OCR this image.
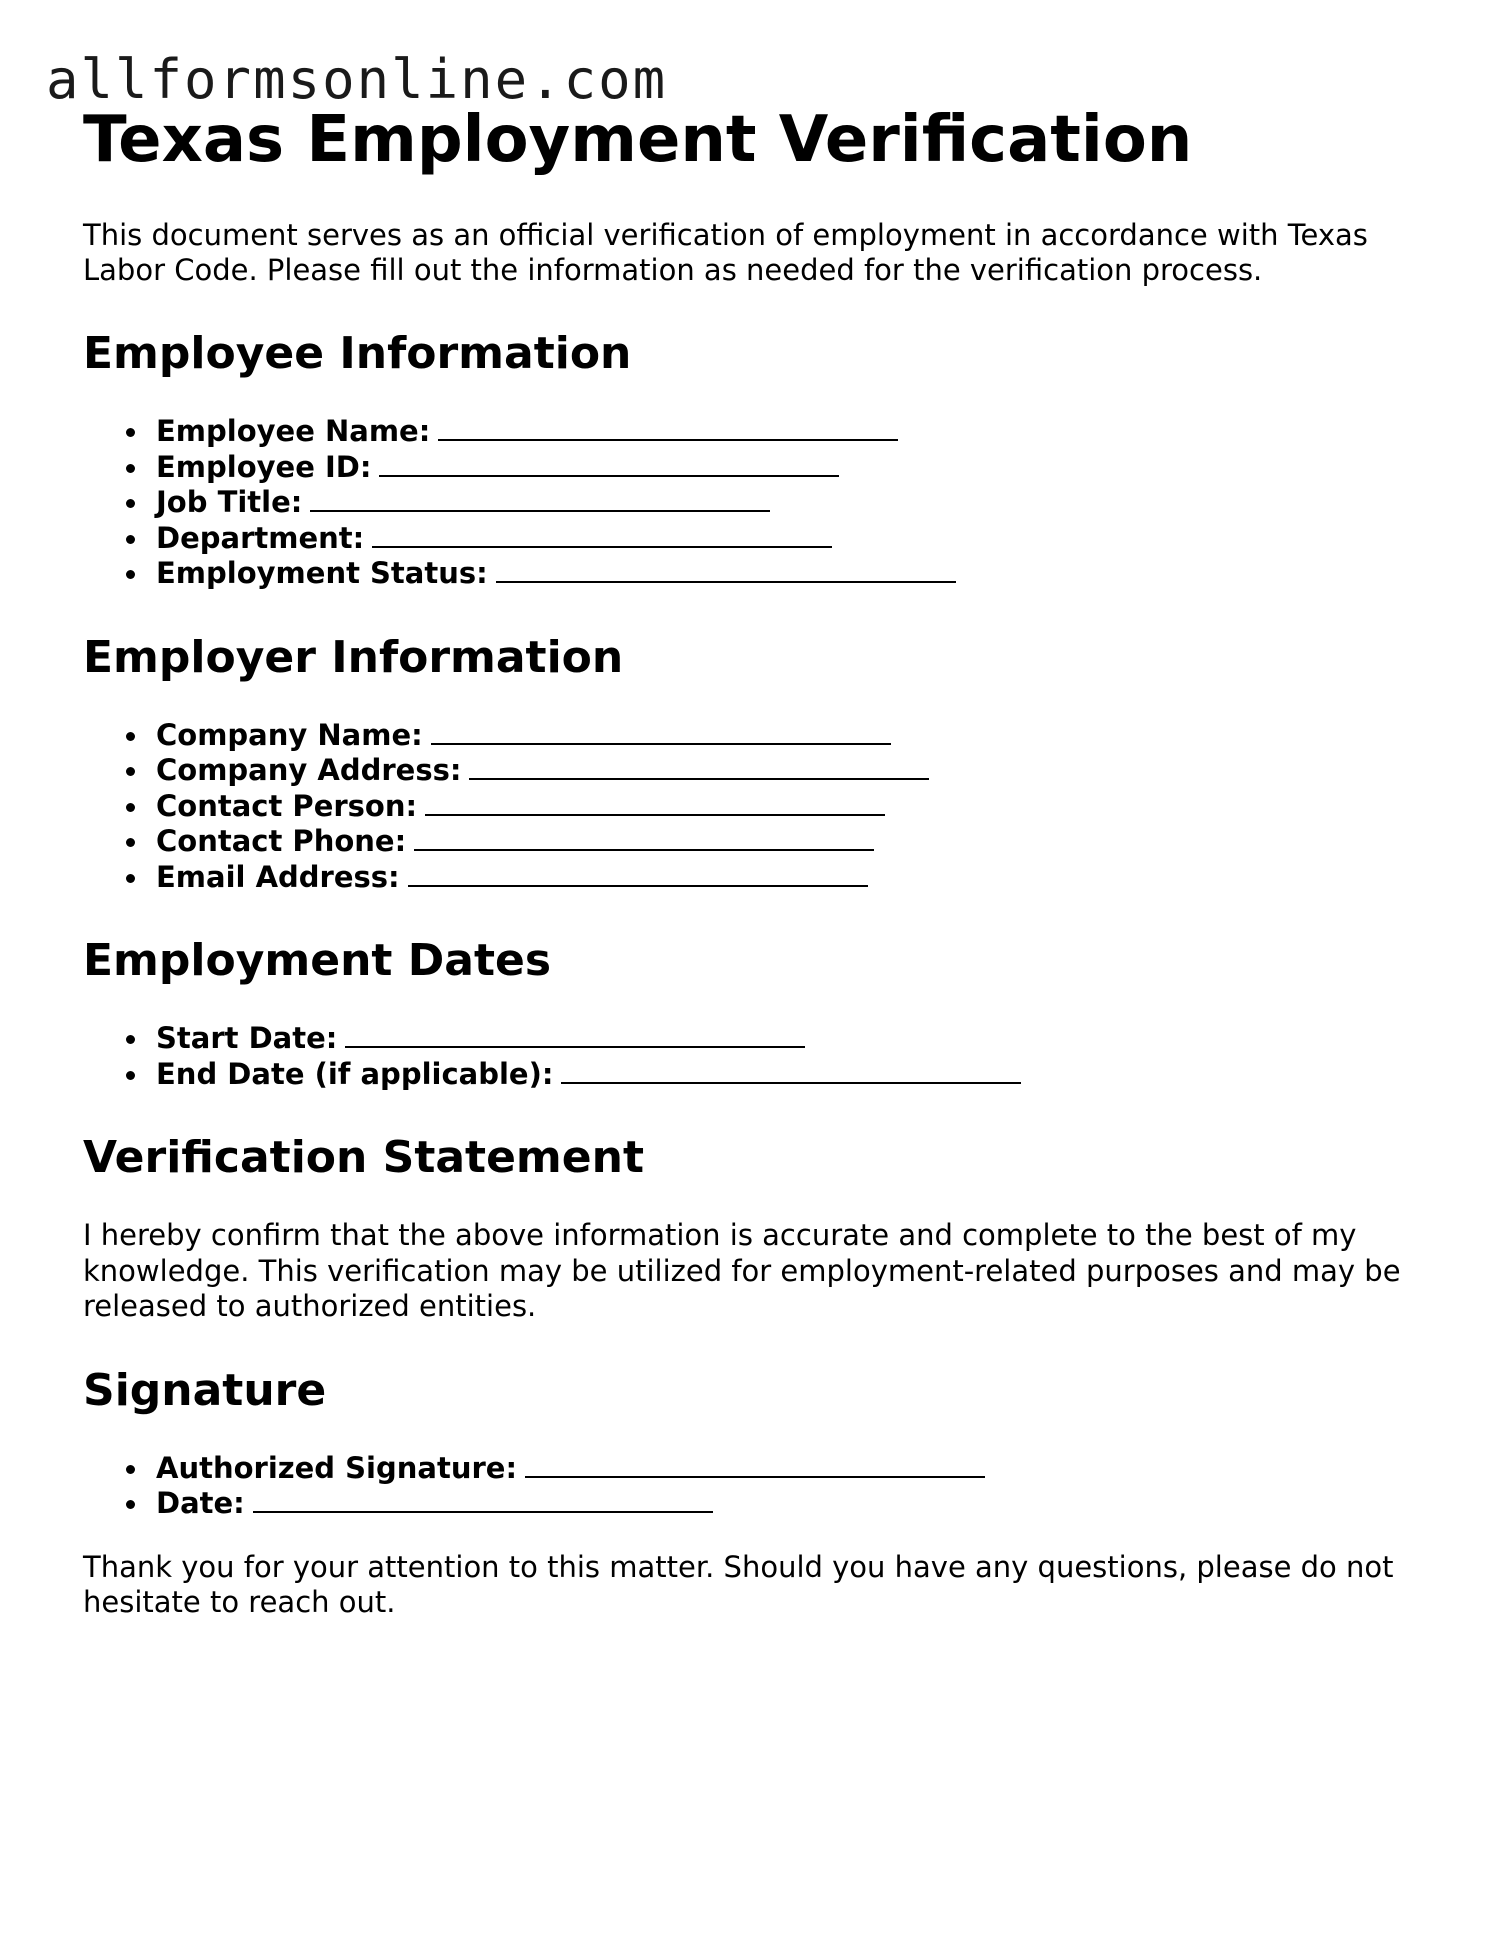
allformsonline.com
Texas Employment Verification

This document serves as an official verification of employment in accordance with Texas Labor Code. Please fill out the information as needed for the verification process.

Employee Information
Employee Name:
Employee ID:
Job Title:
Department:
Employment Status:
Employer Information
Company Name:
Company Address:
Contact Person:
Contact Phone:
Email Address:
Employment Dates
Start Date:
End Date (if applicable):
Verification Statement

I hereby confirm that the above information is accurate and complete to the best of my knowledge. This verification may be utilized for employment-related purposes and may be released to authorized entities.

Signature
Authorized Signature:
Date:

Thank you for your attention to this matter. Should you have any questions, please do not hesitate to reach out.
